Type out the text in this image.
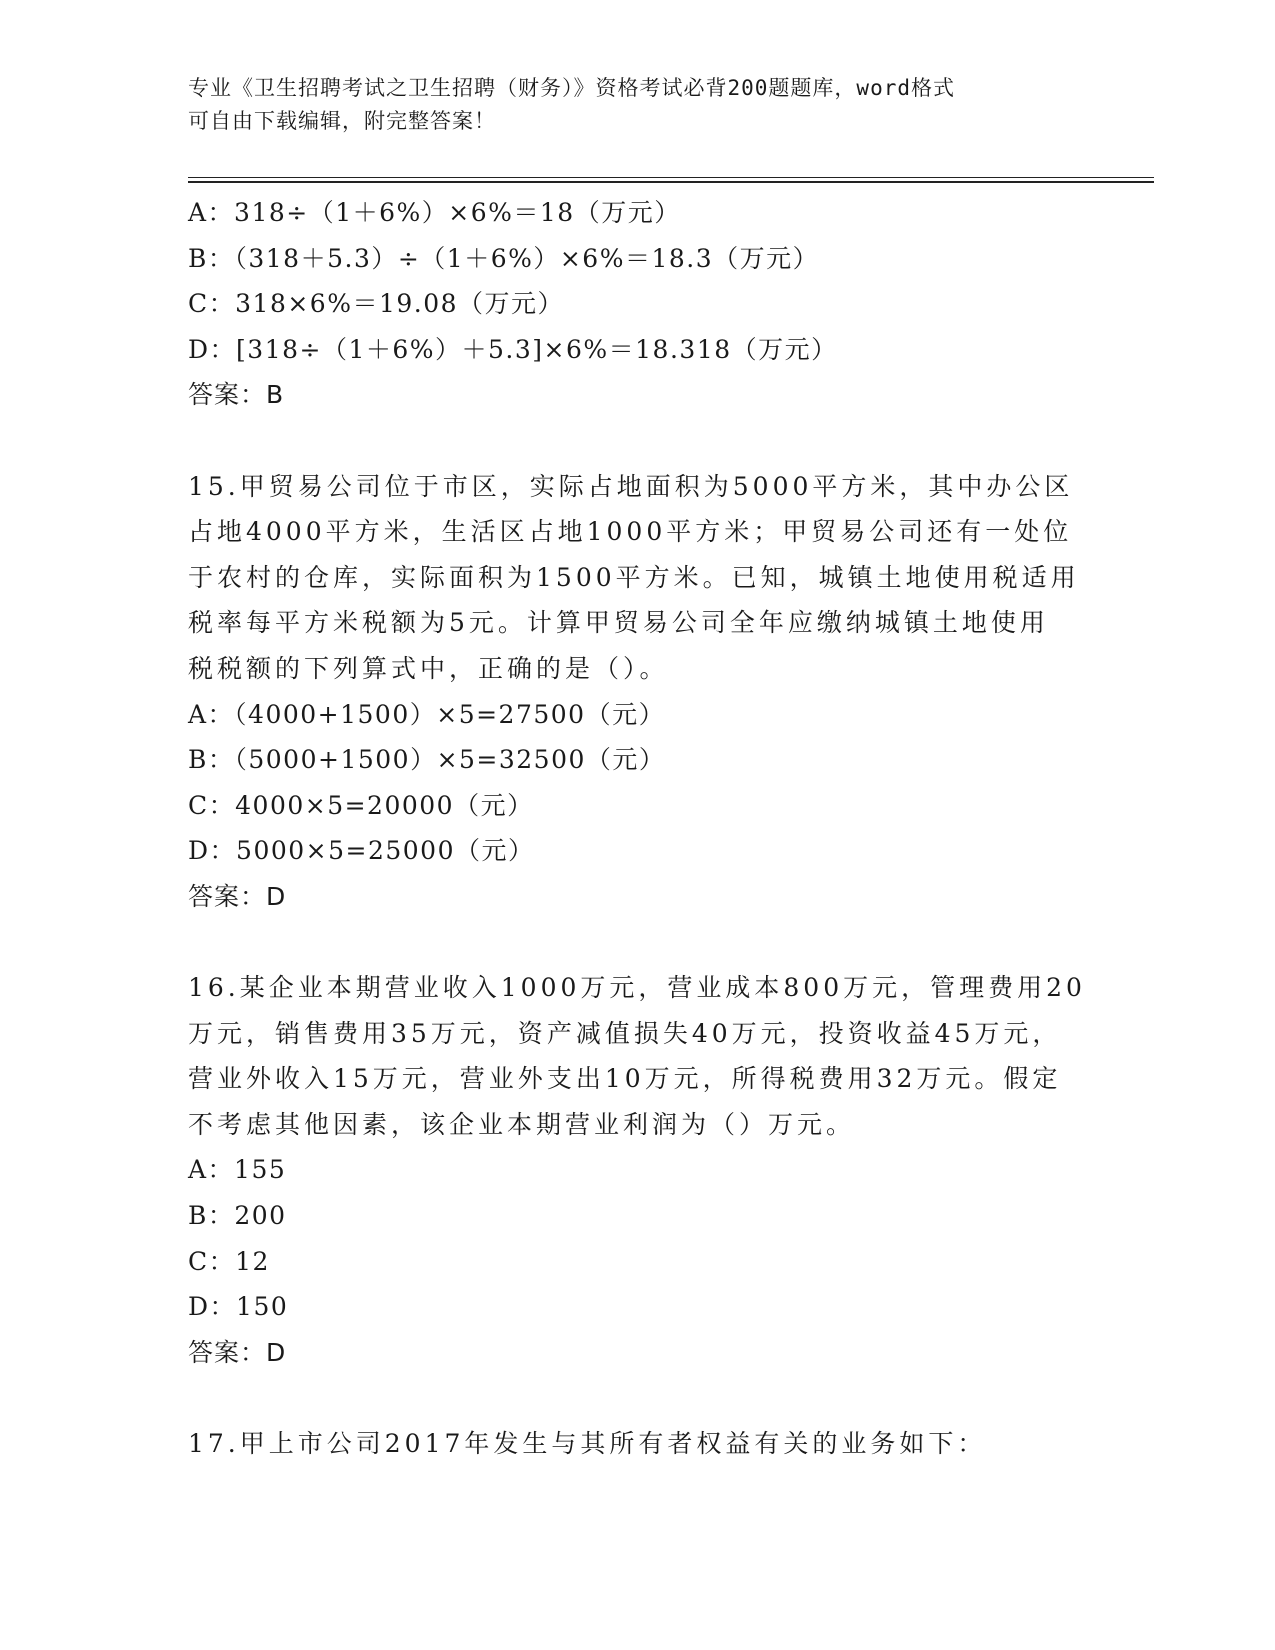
专业《卫生招聘考试之卫生招聘（财务）》资格考试必背200题题库，word格式

可自由下载编辑，附完整答案！

A：318÷（1＋6%）×6%＝18（万元）
B：（318＋5.3）÷（1＋6%）×6%＝18.3（万元）
C：318×6%＝19.08（万元）
D：[318÷（1＋6%）＋5.3]×6%＝18.318（万元）
答案：B
15.甲贸易公司位于市区，实际占地面积为5000平方米，其中办公区
占地4000平方米，生活区占地1000平方米；甲贸易公司还有一处位
于农村的仓库，实际面积为1500平方米。已知，城镇土地使用税适用
税率每平方米税额为5元。计算甲贸易公司全年应缴纳城镇土地使用
税税额的下列算式中，正确的是（）。
A：（4000+1500）×5=27500（元）
B：（5000+1500）×5=32500（元）
C：4000×5=20000（元）
D：5000×5=25000（元）
答案：D
16.某企业本期营业收入1000万元，营业成本800万元，管理费用20
万元，销售费用35万元，资产减值损失40万元，投资收益45万元，
营业外收入15万元，营业外支出10万元，所得税费用32万元。假定
不考虑其他因素，该企业本期营业利润为（）万元。
A：155
B：200
C：12
D：150
答案：D
17.甲上市公司2017年发生与其所有者权益有关的业务如下：
